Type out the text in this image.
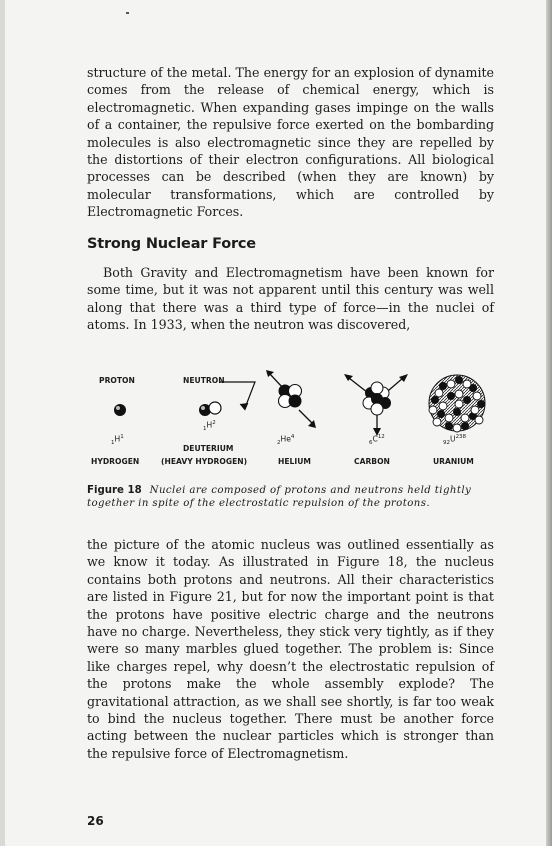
structure of the metal. The energy for an explosion of dynamite comes from the release of chemical energy, which is electromagnetic. When expanding gases impinge on the walls of a container, the repulsive force exerted on the bombarding molecules is also electromagnetic since they are repelled by the distortions of their electron configurations. All biological processes can be described (when they are known) by molecular transformations, which are controlled by Electromagnetic Forces.

Strong Nuclear Force

Both Gravity and Electromagnetism have been known for some time, but it was not apparent until this century was well along that there was a third type of force—in the nuclei of atoms. In 1933, when the neutron was discovered,

PROTON	NEUTRON
$_1H^1$
$_1H^2$
$_2He^4$
$_6C^{12}$
$_{92}U^{238}$
DEUTERIUM
HYDROGEN	(HEAVY HYDROGEN)	HELIUM	CARBON	URANIUM

Figure 18 Nuclei are composed of protons and neutrons held tightly together in spite of the electrostatic repulsion of the protons.

the picture of the atomic nucleus was outlined essentially as we know it today. As illustrated in Figure 18, the nucleus contains both protons and neutrons. All their characteristics are listed in Figure 21, but for now the important point is that the protons have positive electric charge and the neutrons have no charge. Nevertheless, they stick very tightly, as if they were so many marbles glued together. The problem is: Since like charges repel, why doesn’t the electrostatic repulsion of the protons make the whole assembly explode? The gravitational attraction, as we shall see shortly, is far too weak to bind the nucleus together. There must be another force acting between the nuclear particles which is stronger than the repulsive force of Electromagnetism.

26
